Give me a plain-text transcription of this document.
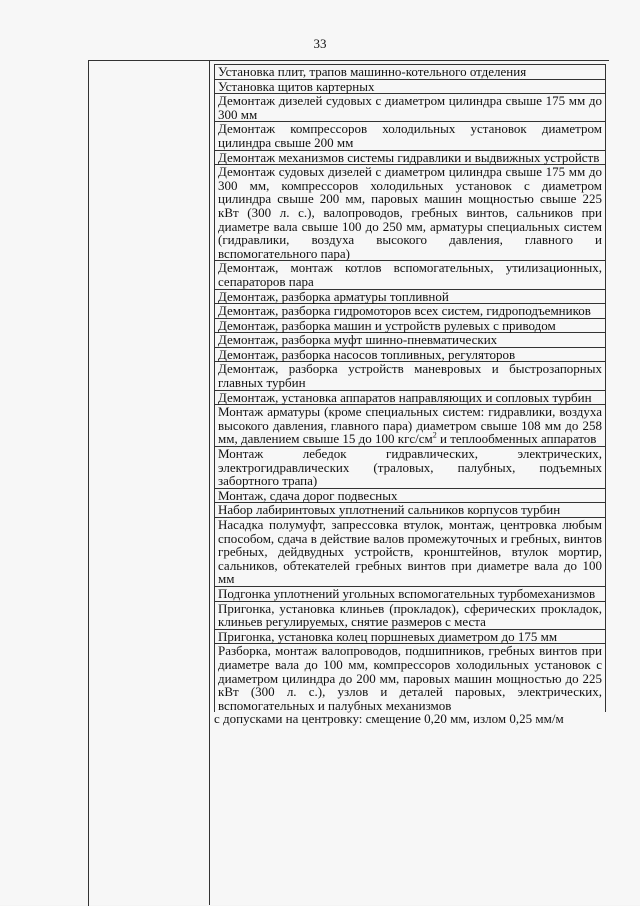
33
Установка плит, трапов машинно-котельного отделения
Установка щитов картерных
Демонтаж дизелей судовых с диаметром цилиндра свыше 175 мм до 300 мм
Демонтаж компрессоров холодильных установок диаметром цилиндра свыше 200 мм
Демонтаж механизмов системы гидравлики и выдвижных устройств
Демонтаж судовых дизелей с диаметром цилиндра свыше 175 мм до 300 мм, компрессоров холодильных установок с диаметром цилиндра свыше 200 мм, паровых машин мощностью свыше 225 кВт (300 л. с.), валопроводов, гребных винтов, сальников при диаметре вала свыше 100 до 250 мм, арматуры специальных систем (гидравлики, воздуха высокого давления, главного и вспомогательного пара)
Демонтаж, монтаж котлов вспомогательных, утилизационных, сепараторов пара
Демонтаж, разборка арматуры топливной
Демонтаж, разборка гидромоторов всех систем, гидроподъемников
Демонтаж, разборка машин и устройств рулевых с приводом
Демонтаж, разборка муфт шинно-пневматических
Демонтаж, разборка насосов топливных, регуляторов
Демонтаж, разборка устройств маневровых и быстрозапорных главных турбин
Демонтаж, установка аппаратов направляющих и сопловых турбин
Монтаж арматуры (кроме специальных систем: гидравлики, воздуха высокого давления, главного пара) диаметром свыше 108 мм до 258 мм, давлением свыше 15 до 100 кгс/$см^2$ и теплообменных аппаратов
Монтаж лебедок гидравлических, электрических, электрогидравлических (траловых, палубных, подъемных забортного трапа)
Монтаж, сдача дорог подвесных
Набор лабиринтовых уплотнений сальников корпусов турбин
Насадка полумуфт, запрессовка втулок, монтаж, центровка любым способом, сдача в действие валов промежуточных и гребных, винтов гребных, дейдвудных устройств, кронштейнов, втулок мортир, сальников, обтекателей гребных винтов при диаметре вала до 100 мм
Подгонка уплотнений угольных вспомогательных турбомеханизмов
Пригонка, установка клиньев (прокладок), сферических прокладок, клиньев регулируемых, снятие размеров с места
Пригонка, установка колец поршневых диаметром до 175 мм
Разборка, монтаж валопроводов, подшипников, гребных винтов при диаметре вала до 100 мм, компрессоров холодильных установок с диаметром цилиндра до 200 мм, паровых машин мощностью до 225 кВт (300 л. с.), узлов и деталей паровых, электрических, вспомогательных и палубных механизмов
с допусками на центровку: смещение 0,20 мм, излом 0,25 мм/м
